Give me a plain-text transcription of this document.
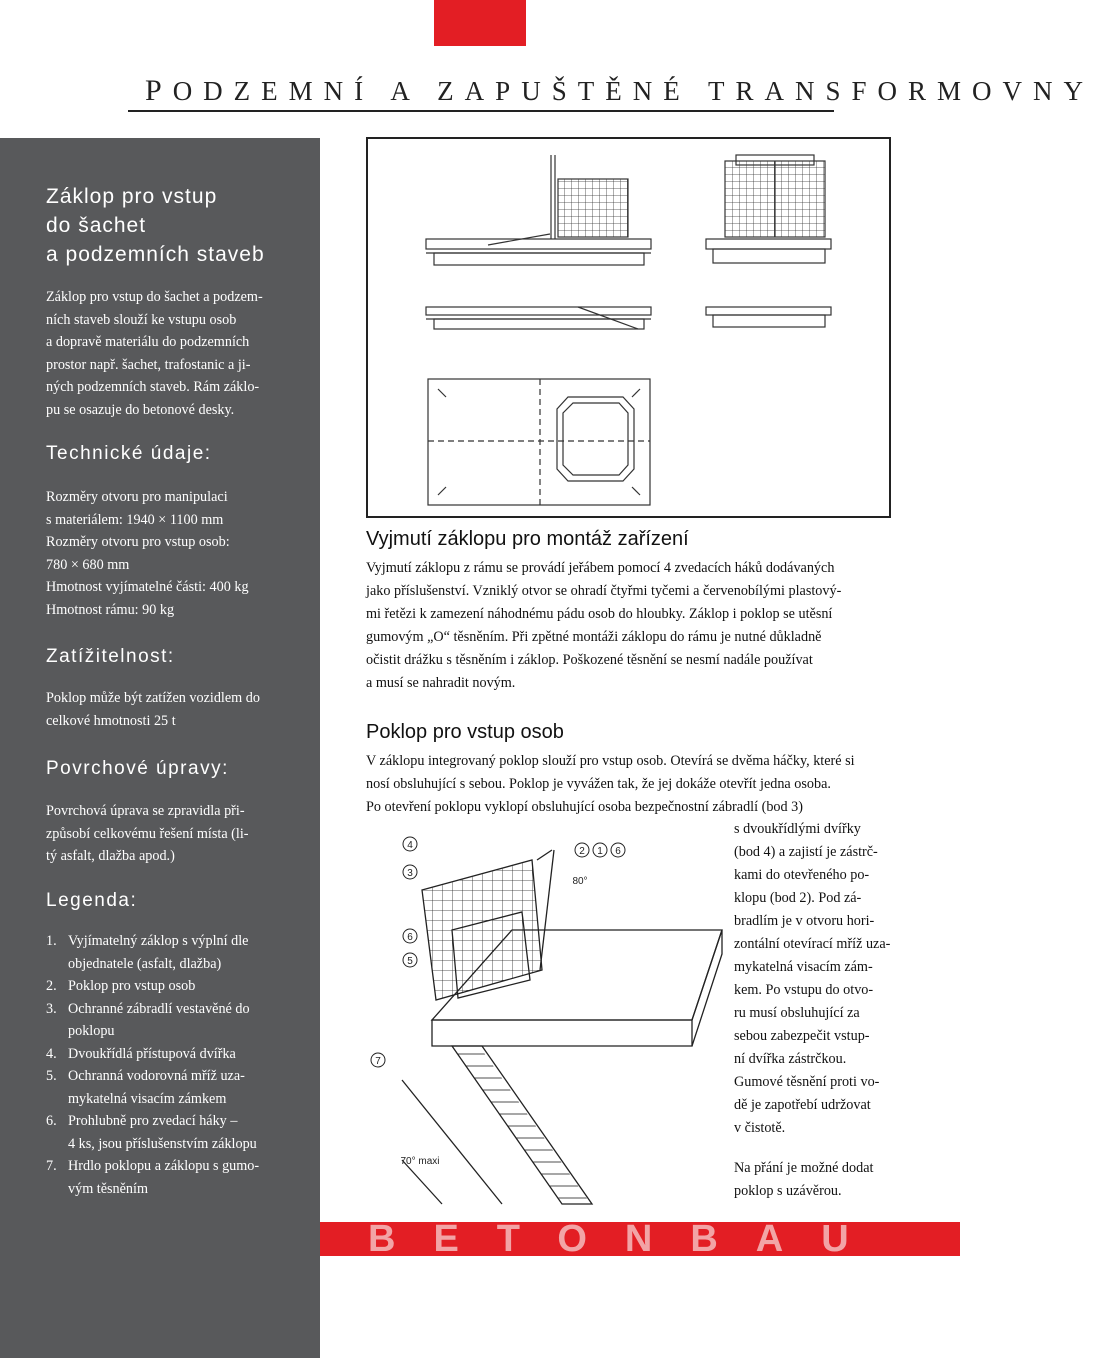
PODZEMNÍ A ZAPUŠTĚNÉ TRANSFORMOVNY
Záklop pro vstup
do šachet
a podzemních staveb

Záklop pro vstup do šachet a podzem-
ních staveb slouží ke vstupu osob
a dopravě materiálu do podzemních
prostor např. šachet, trafostanic a ji-
ných podzemních staveb. Rám záklo-
pu se osazuje do betonové desky.

Technické údaje:

Rozměry otvoru pro manipulaci
s materiálem: 1940 × 1100 mm
Rozměry otvoru pro vstup osob:
780 × 680 mm
Hmotnost vyjímatelné části: 400 kg
Hmotnost rámu: 90 kg

Zatížitelnost:

Poklop může být zatížen vozidlem do
celkové hmotnosti 25 t

Povrchové úpravy:

Povrchová úprava se zpravidla při-
způsobí celkovému řešení místa (li-
tý asfalt, dlažba apod.)

Legenda:
1. Vyjímatelný záklop s výplní dle
objednatele (asfalt, dlažba)
2. Poklop pro vstup osob
3. Ochranné zábradlí vestavěné do
poklopu
4. Dvoukřídlá přístupová dvířka
5. Ochranná vodorovná mříž uza-
mykatelná visacím zámkem
6. Prohlubně pro zvedací háky –
4 ks, jsou příslušenstvím záklopu
7. Hrdlo poklopu a záklopu s gumo-
vým těsněním
Vyjmutí záklopu pro montáž zařízení

Vyjmutí záklopu z rámu se provádí jeřábem pomocí 4 zvedacích háků dodávaných
jako příslušenství. Vzniklý otvor se ohradí čtyřmi tyčemi a červenobílými plastový-
mi řetězi k zamezení náhodnému pádu osob do hloubky. Záklop i poklop se utěsní
gumovým „O“ těsněním. Při zpětné montáži záklopu do rámu je nutné důkladně
očistit drážku s těsněním i záklop. Poškozené těsnění se nesmí nadále používat
a musí se nahradit novým.

Poklop pro vstup osob

V záklopu integrovaný poklop slouží pro vstup osob. Otevírá se dvěma háčky, které si
nosí obsluhující s sebou. Poklop je vyvážen tak, že jej dokáže otevřít jedna osoba.
Po otevření poklopu vyklopí obsluhující osoba bezpečnostní zábradlí (bod 3)

s dvoukřídlými dvířky
(bod 4) a zajistí je zástrč-
kami do otevřeného po-
klopu (bod 2). Pod zá-
bradlím je v otvoru hori-
zontální otevírací mříž uza-
mykatelná visacím zám-
kem. Po vstupu do otvo-
ru musí obsluhující za
sebou zabezpečit vstup-
ní dvířka zástrčkou.
Gumové těsnění proti vo-
dě je zapotřebí udržovat
v čistotě.

Na přání je možné dodat
poklop s uzávěrou.

4
3
2 1 6
6
5
7
80°
70° maxi
BETONBAU
